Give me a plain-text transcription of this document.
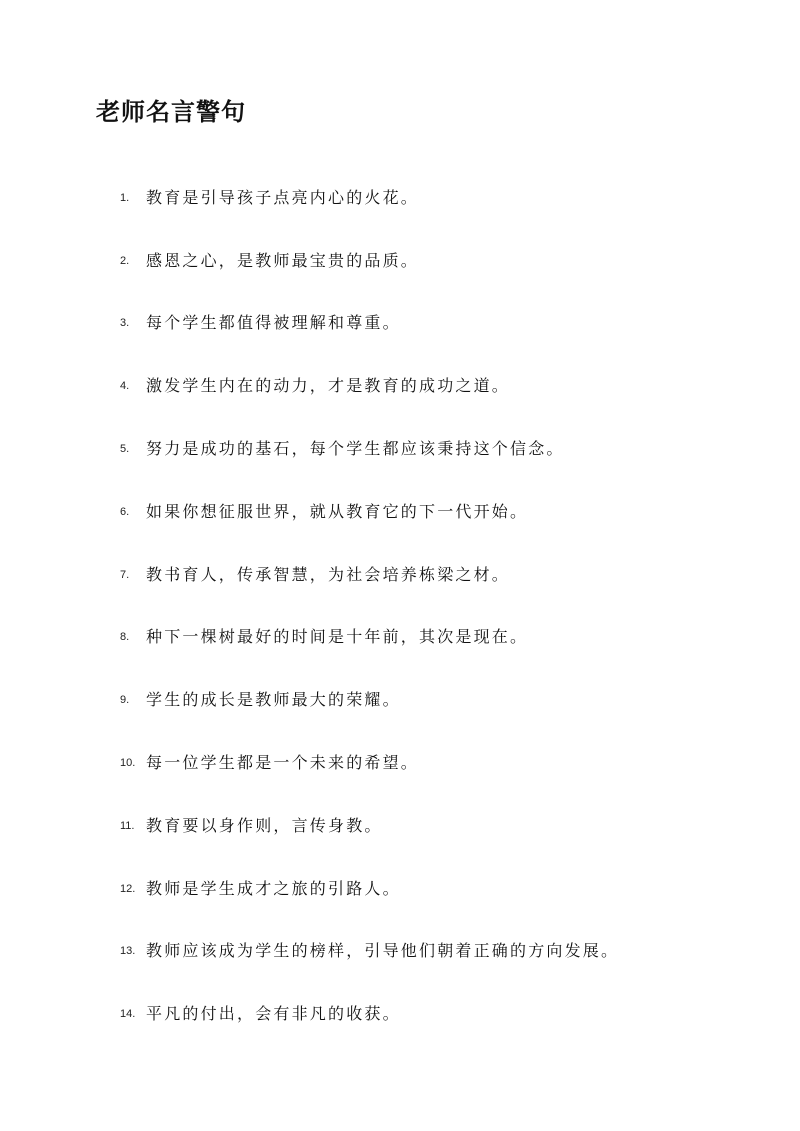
老师名言警句
1.	教育是引导孩子点亮内心的火花。
2.	感恩之心，是教师最宝贵的品质。
3.	每个学生都值得被理解和尊重。
4.	激发学生内在的动力，才是教育的成功之道。
5.	努力是成功的基石，每个学生都应该秉持这个信念。
6.	如果你想征服世界，就从教育它的下一代开始。
7.	教书育人，传承智慧，为社会培养栋梁之材。
8.	种下一棵树最好的时间是十年前，其次是现在。
9.	学生的成长是教师最大的荣耀。
10. 每一位学生都是一个未来的希望。
11. 教育要以身作则，言传身教。
12. 教师是学生成才之旅的引路人。
13. 教师应该成为学生的榜样，引导他们朝着正确的方向发展。
14. 平凡的付出，会有非凡的收获。
